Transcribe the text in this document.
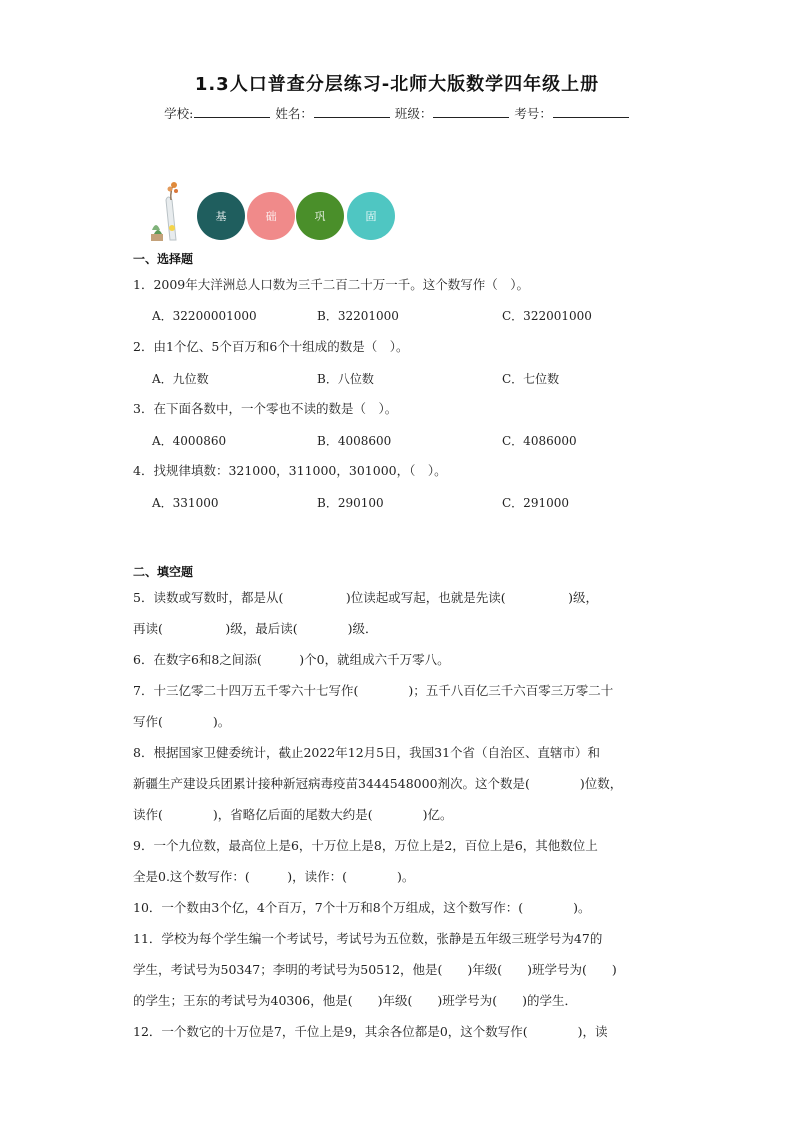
1.3人口普查分层练习-北师大版数学四年级上册
学校:	姓名：	班级：	考号：
基	础	巩	固
一、选择题
1．2009年大洋洲总人口数为三千二百二十万一千。这个数写作（　）。
A．32200001000	B．32201000	C．322001000
2．由1个亿、5个百万和6个十组成的数是（　）。
A．九位数	B．八位数	C．七位数
3．在下面各数中，一个零也不读的数是（　）。
A．4000860	B．4008600	C．4086000
4．找规律填数：321000，311000，301000，（　）。
A．331000	B．290100	C．291000
二、填空题
5．读数或写数时，都是从(　　　　　)位读起或写起，也就是先读(　　　　　)级，
再读(　　　　　)级，最后读(　　　　)级．
6．在数字6和8之间添(　　　)个0，就组成六千万零八。
7．十三亿零二十四万五千零六十七写作(　　　　)；五千八百亿三千六百零三万零二十
写作(　　　　)。
8．根据国家卫健委统计，截止2022年12月5日，我国31个省（自治区、直辖市）和
新疆生产建设兵团累计接种新冠病毒疫苗3444548000剂次。这个数是(　　　　)位数，
读作(　　　　)，省略亿后面的尾数大约是(　　　　)亿。
9．一个九位数，最高位上是6，十万位上是8，万位上是2，百位上是6，其他数位上
全是0.这个数写作：(　　　)，读作：(　　　　)。
10．一个数由3个亿，4个百万，7个十万和8个万组成，这个数写作：(　　　　)。
11．学校为每个学生编一个考试号，考试号为五位数，张静是五年级三班学号为47的
学生，考试号为50347；李明的考试号为50512，他是(　　)年级(　　)班学号为(　　)
的学生；王东的考试号为40306，他是(　　)年级(　　)班学号为(　　)的学生．
12．一个数它的十万位是7，千位上是9，其余各位都是0，这个数写作(　　　　)，读
